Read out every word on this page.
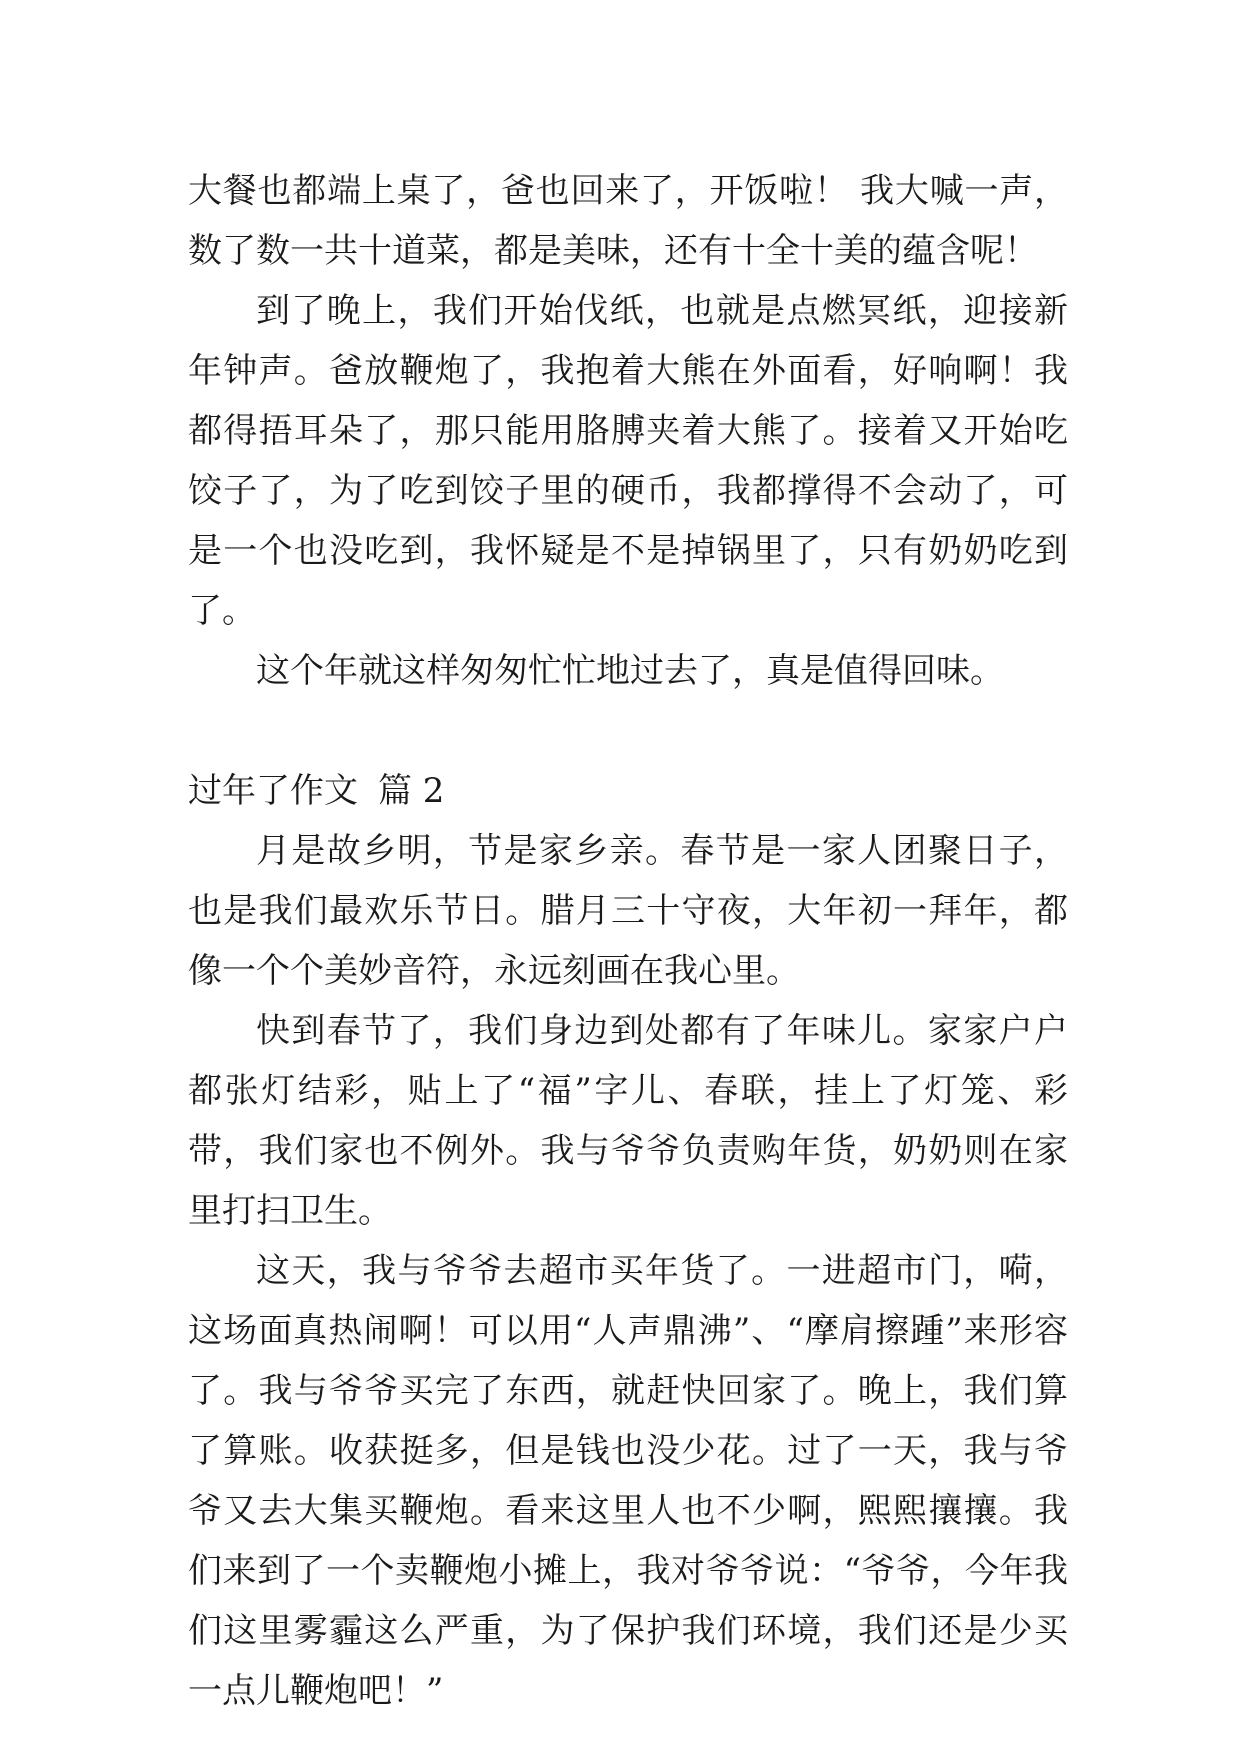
大餐也都端上桌了，爸也回来了，开饭啦！ 我大喊一声，数了数一共十道菜，都是美味，还有十全十美的蕴含呢！

到了晚上，我们开始伐纸，也就是点燃冥纸，迎接新年钟声。爸放鞭炮了，我抱着大熊在外面看，好响啊！我都得捂耳朵了，那只能用胳膊夹着大熊了。接着又开始吃饺子了，为了吃到饺子里的硬币，我都撑得不会动了，可是一个也没吃到，我怀疑是不是掉锅里了，只有奶奶吃到了。

这个年就这样匆匆忙忙地过去了，真是值得回味。

过年了作文 篇 2

月是故乡明，节是家乡亲。春节是一家人团聚日子，也是我们最欢乐节日。腊月三十守夜，大年初一拜年，都像一个个美妙音符，永远刻画在我心里。

快到春节了，我们身边到处都有了年味儿。家家户户都张灯结彩，贴上了“福”字儿、春联，挂上了灯笼、彩带，我们家也不例外。我与爷爷负责购年货，奶奶则在家里打扫卫生。

这天，我与爷爷去超市买年货了。一进超市门，嗬，这场面真热闹啊！可以用“人声鼎沸”、“摩肩擦踵”来形容了。我与爷爷买完了东西，就赶快回家了。晚上，我们算了算账。收获挺多，但是钱也没少花。过了一天，我与爷爷又去大集买鞭炮。看来这里人也不少啊，熙熙攘攘。我们来到了一个卖鞭炮小摊上，我对爷爷说：“爷爷，今年我们这里雾霾这么严重，为了保护我们环境，我们还是少买一点儿鞭炮吧！”
